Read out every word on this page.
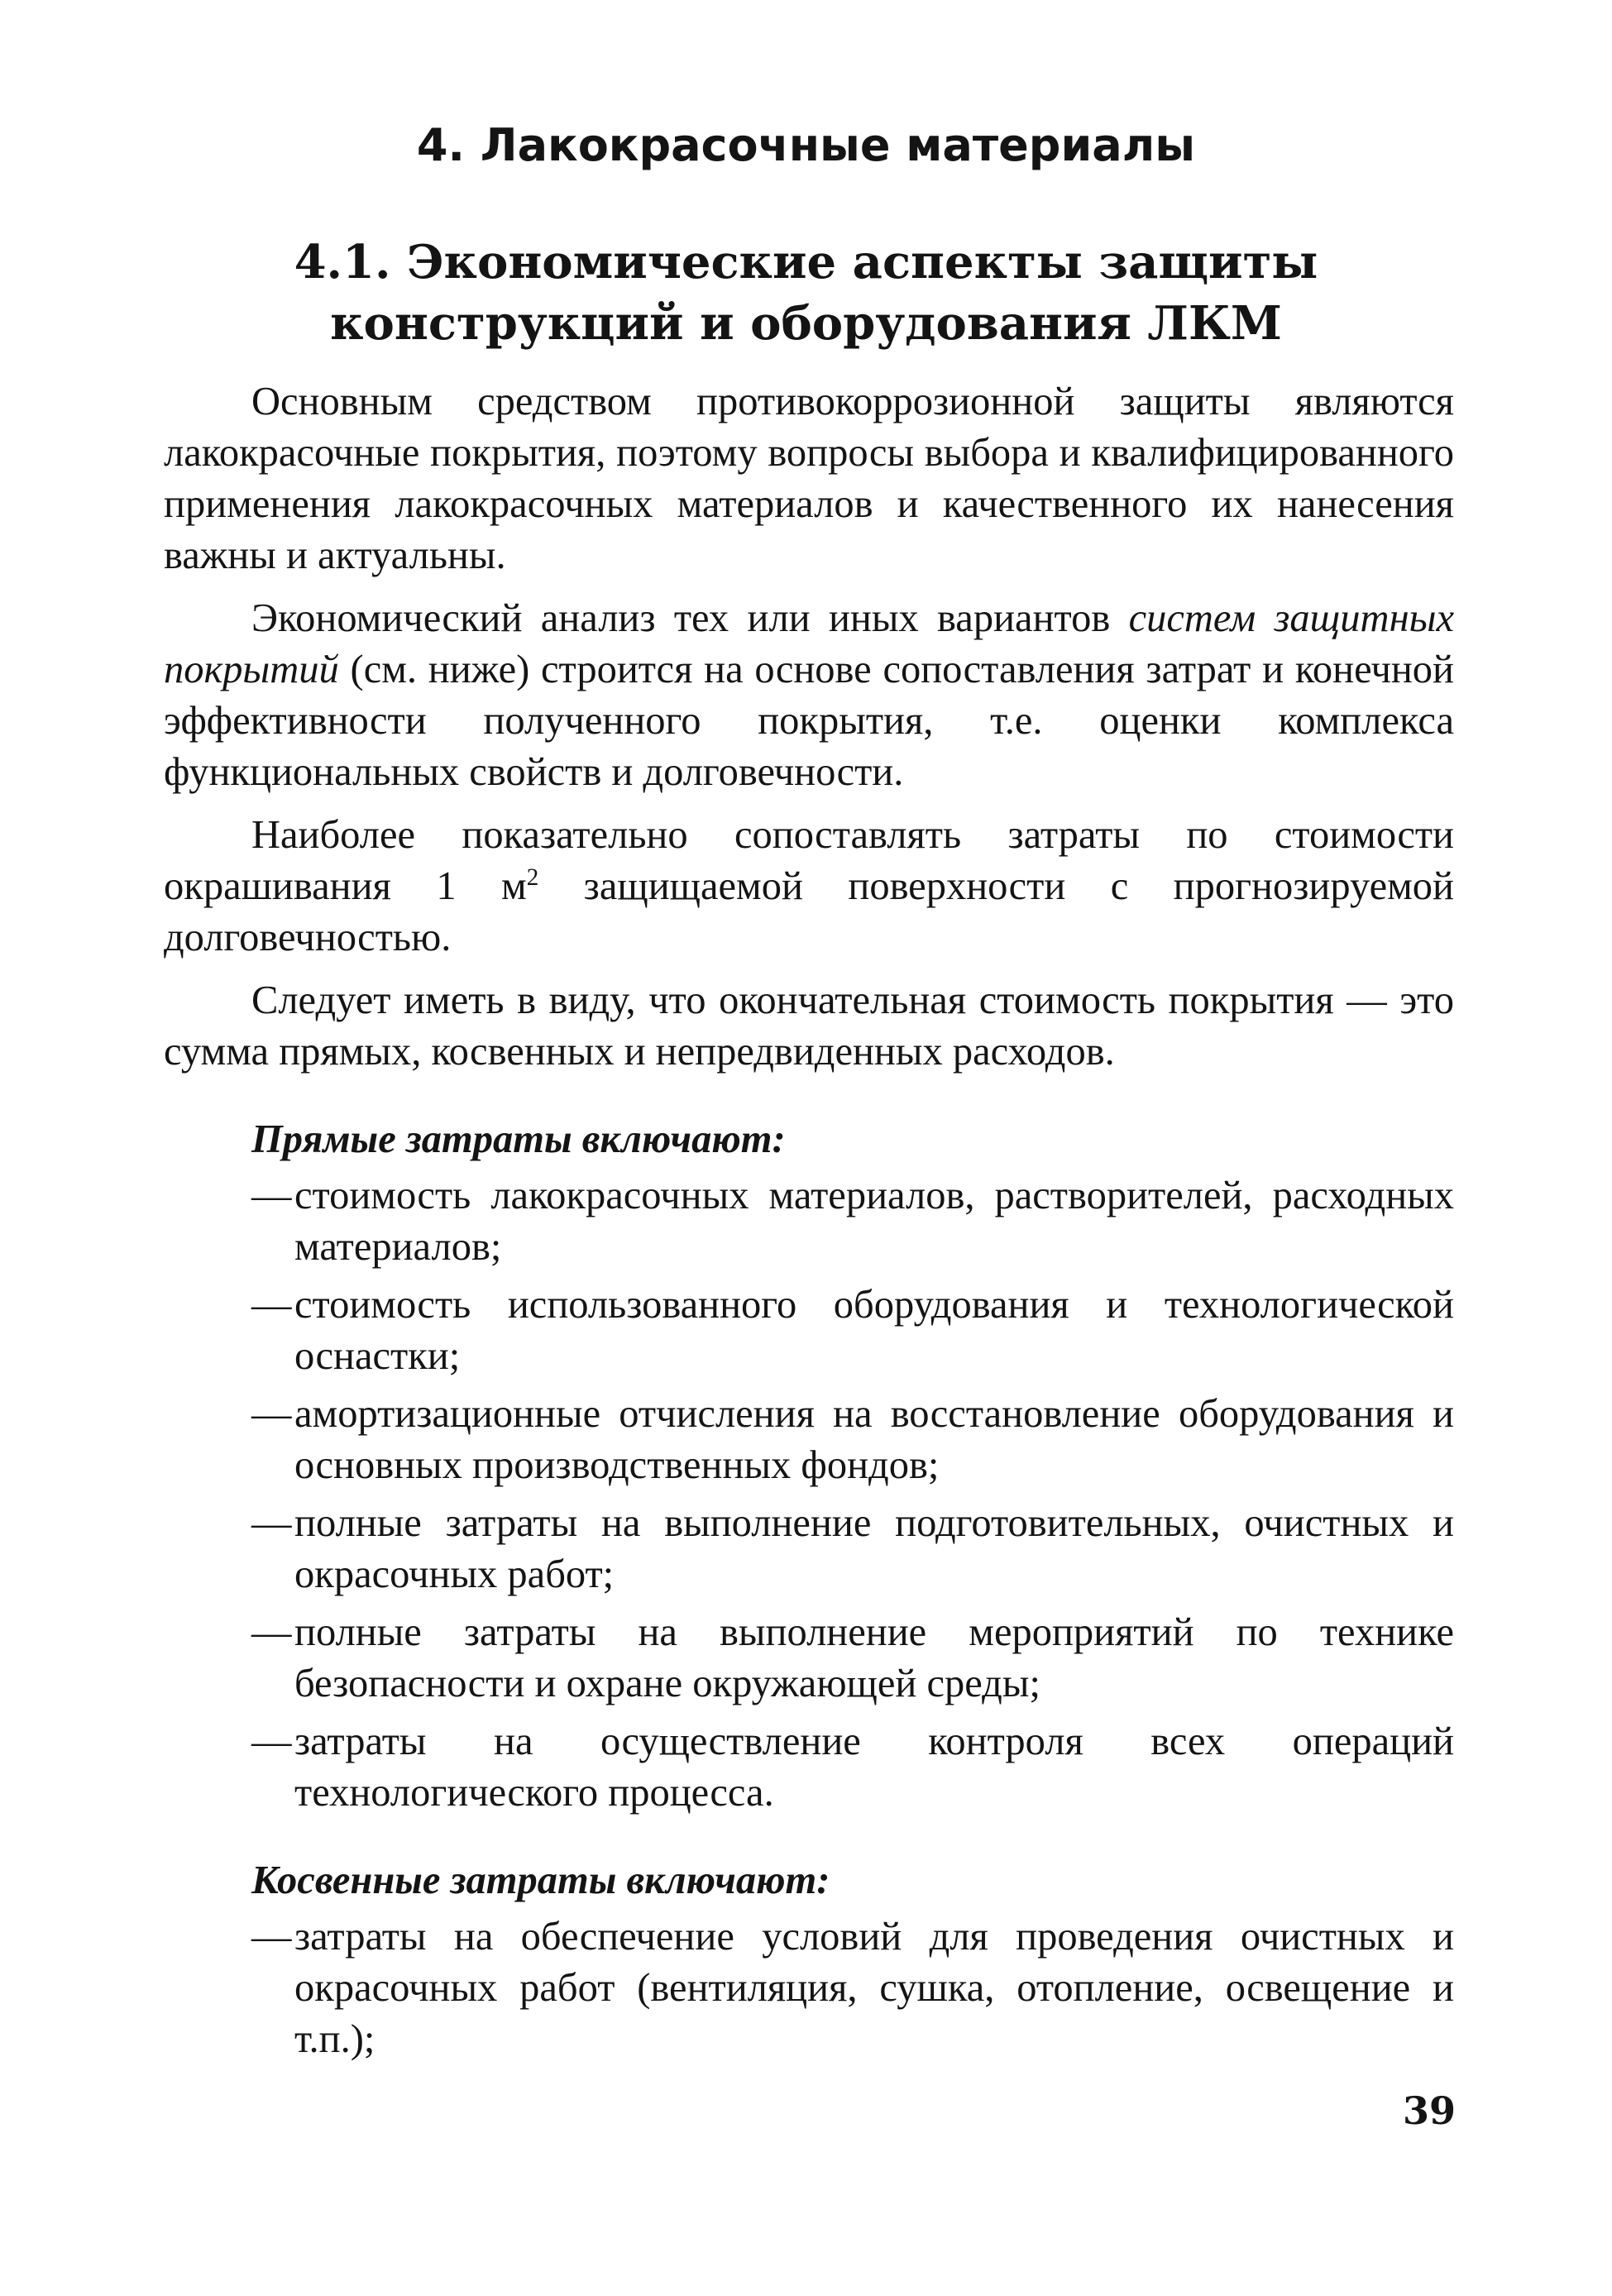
4. Лакокрасочные материалы
4.1. Экономические аспекты защиты
конструкций и оборудования ЛКМ

Основным средством противокоррозионной защиты являются лакокрасочные покрытия, поэтому вопросы выбора и квалифицированного применения лакокрасочных материалов и качественного их нанесения важны и актуальны.

Экономический анализ тех или иных вариантов систем защитных покрытий (см. ниже) строится на основе сопоставления затрат и конечной эффективности полученного покрытия, т.е. оценки комплекса функциональных свойств и долговечности.

Наиболее показательно сопоставлять затраты по стоимости окрашивания 1 $м^2$ защищаемой поверхности с прогнозируемой долговечностью.

Следует иметь в виду, что окончательная стоимость покрытия — это сумма прямых, косвенных и непредвиденных расходов.

Прямые затраты включают:
— стоимость лакокрасочных материалов, растворителей, расходных материалов;
— стоимость использованного оборудования и технологической оснастки;
— амортизационные отчисления на восстановление оборудования и основных производственных фондов;
— полные затраты на выполнение подготовительных, очистных и окрасочных работ;
— полные затраты на выполнение мероприятий по технике безопасности и охране окружающей среды;
— затраты на осуществление контроля всех операций технологического процесса.
Косвенные затраты включают:
— затраты на обеспечение условий для проведения очистных и окрасочных работ (вентиляция, сушка, отопление, освещение и т.п.);
39
